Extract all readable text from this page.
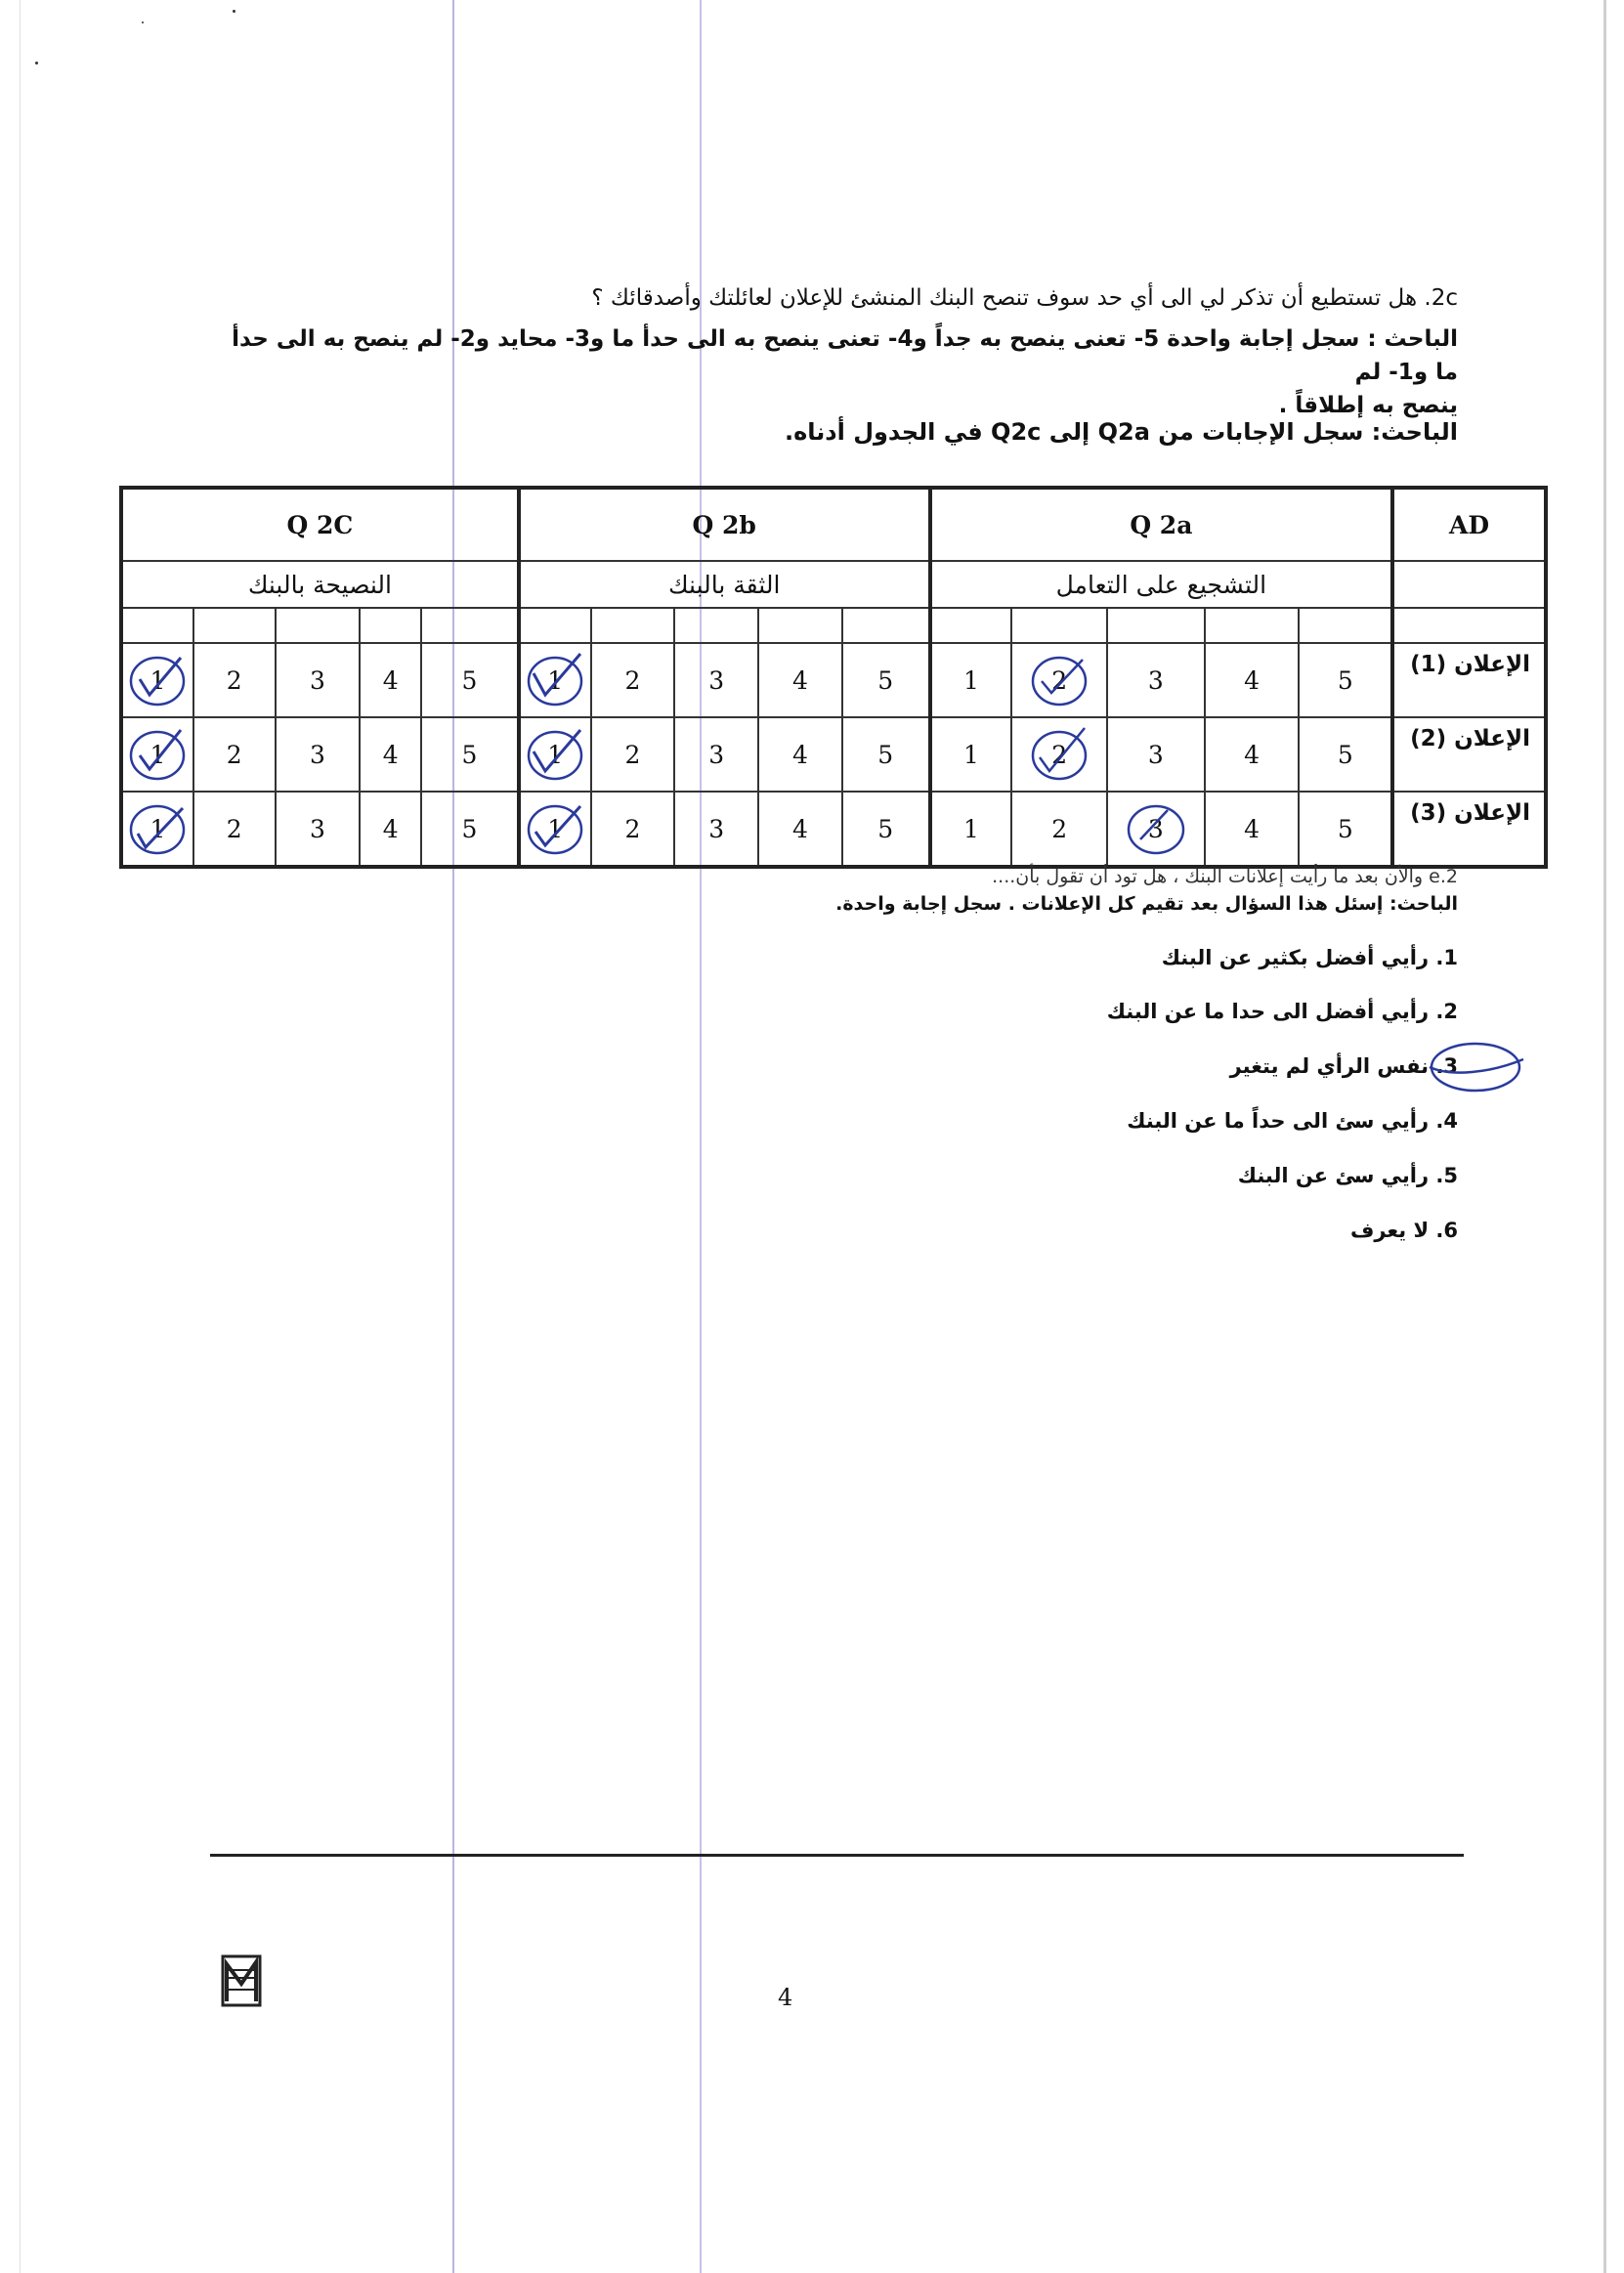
2c. هل تستطيع أن تذكر لي الى أي حد سوف تنصح البنك المنشئ للإعلان لعائلتك وأصدقائك ؟
الباحث : سجل إجابة واحدة 5- تعنى ينصح به جداً و4- تعنى ينصح به الى حدأ ما و3- محايد و2- لم ينصح به الى حدأ ما و1- لم
ينصح به إطلاقاً .
الباحث: سجل الإجابات من Q2a إلى Q2c في الجدول أدناه.
Q 2C					Q 2b					Q 2a					AD
النصيحة بالبنك					الثقة بالبنك					التشجيع على التعامل					

1	2	3	4	5	1	2	3	4	5	1	2	3	4	5	الإعلان (1)
1	2	3	4	5	1	2	3	4	5	1	2	3	4	5	الإعلان (2)
1	2	3	4	5	1	2	3	4	5	1	2	3	4	5	الإعلان (3)
2.e والأن بعد ما رأيت إعلانات البنك ، هل تود أن تقول بأن....
الباحث: إسئل هذا السؤال بعد تقيم كل الإعلانات . سجل إجابة واحدة.
1. رأيي أفضل بكثير عن البنك
2. رأيي أفضل الى حدا ما عن البنك
3. نفس الرأي لم يتغير
4. رأيي سئ الى حداً ما عن البنك
5. رأيي سئ عن البنك
6. لا يعرف
4
